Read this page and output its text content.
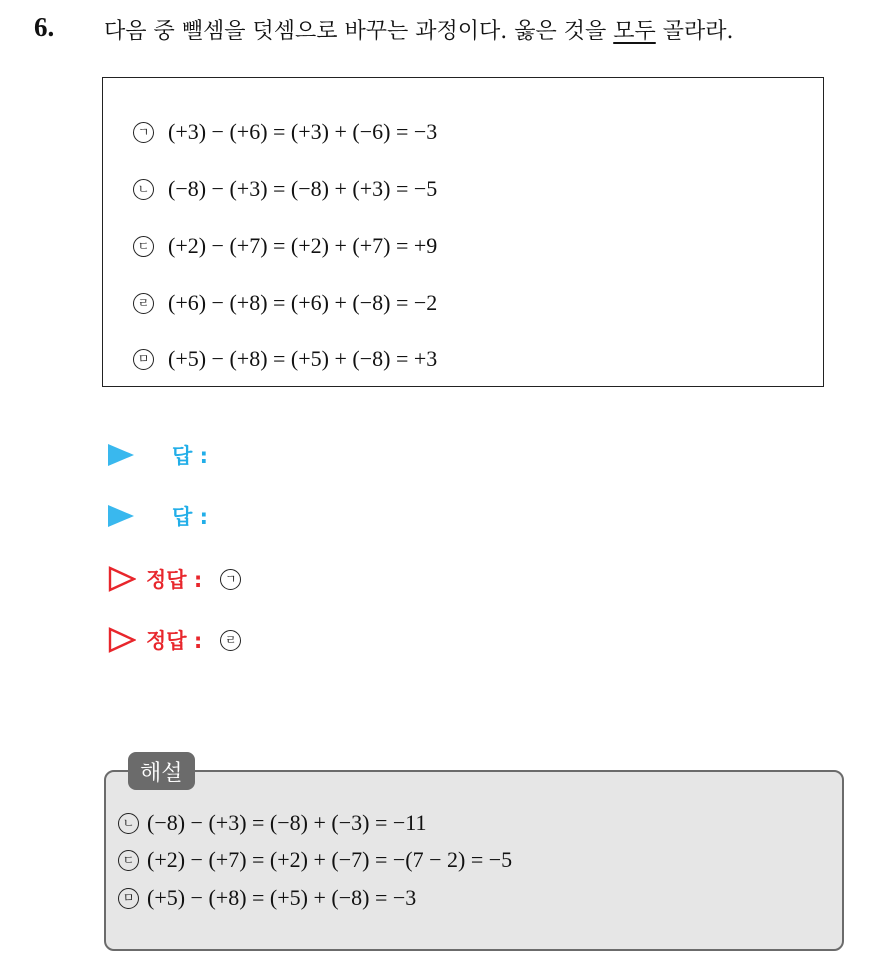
6. 다음 중 뺄셈을 덧셈으로 바꾸는 과정이다. 옳은 것을 모두 골라라.
ㄱ (+3) − (+6) = (+3) + (−6) = −3
ㄴ (−8) − (+3) = (−8) + (+3) = −5
ㄷ (+2) − (+7) = (+2) + (+7) = +9
ㄹ (+6) − (+8) = (+6) + (−8) = −2
ㅁ (+5) − (+8) = (+5) + (−8) = +3
답 :
답 :
정답 :	ㄱ
정답 :	ㄹ
해설
ㄴ (−8) − (+3) = (−8) + (−3) = −11
ㄷ (+2) − (+7) = (+2) + (−7) = −(7 − 2) = −5
ㅁ (+5) − (+8) = (+5) + (−8) = −3
